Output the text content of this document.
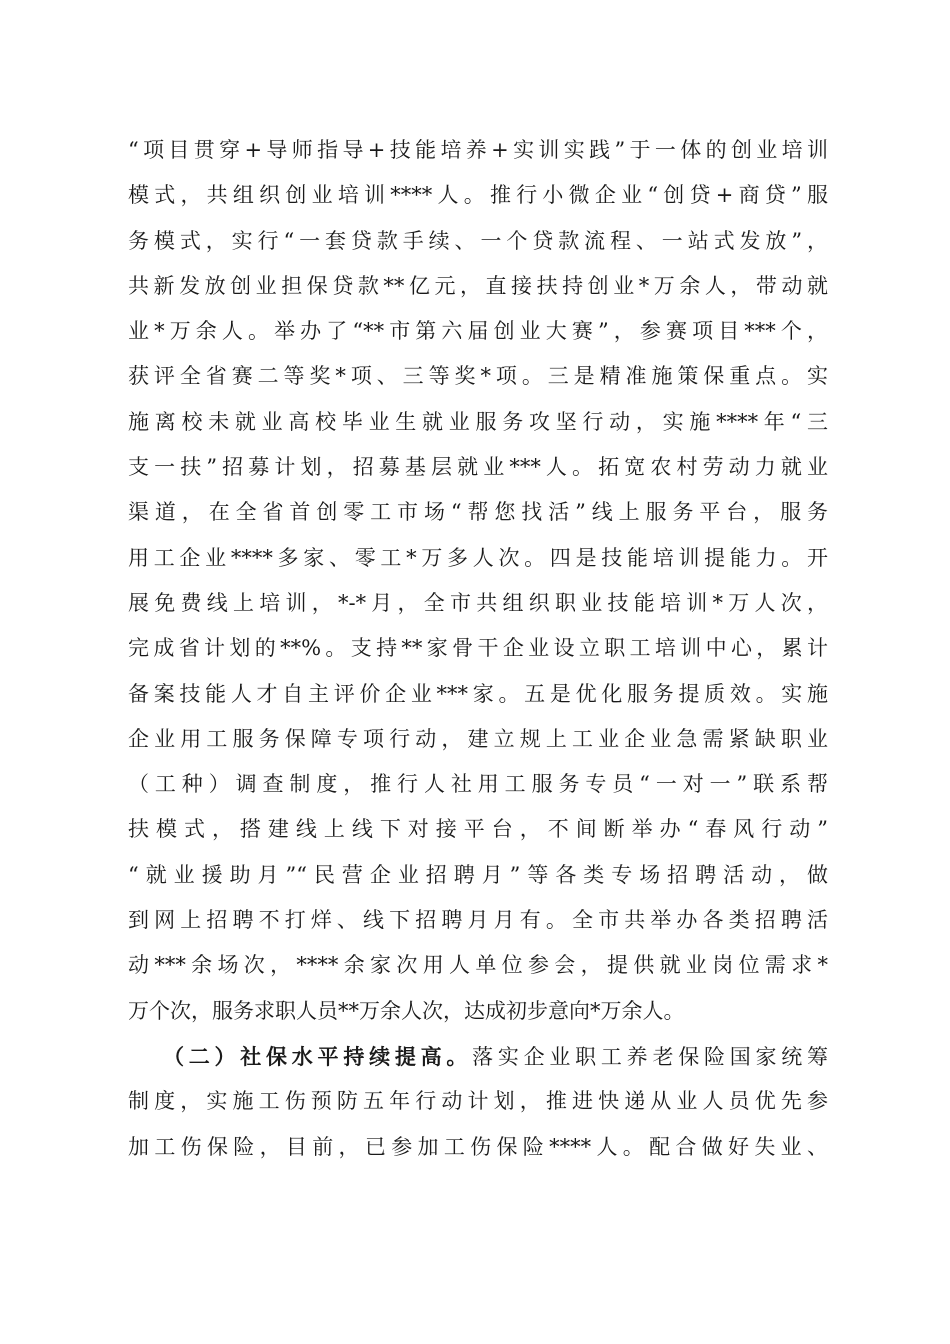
“项目贯穿+导师指导+技能培养+实训实践”于一体的创业培训
模式，共组织创业培训****人。推行小微企业“创贷+商贷”服
务模式，实行“一套贷款手续、一个贷款流程、一站式发放”，
共新发放创业担保贷款**亿元，直接扶持创业*万余人，带动就
业*万余人。举办了“**市第六届创业大赛”，参赛项目***个，
获评全省赛二等奖*项、三等奖*项。三是精准施策保重点。实
施离校未就业高校毕业生就业服务攻坚行动，实施****年“三
支一扶”招募计划，招募基层就业***人。拓宽农村劳动力就业
渠道，在全省首创零工市场“帮您找活”线上服务平台，服务
用工企业****多家、零工*万多人次。四是技能培训提能力。开
展免费线上培训，*-*月，全市共组织职业技能培训*万人次，
完成省计划的**%。支持**家骨干企业设立职工培训中心，累计
备案技能人才自主评价企业***家。五是优化服务提质效。实施
企业用工服务保障专项行动，建立规上工业企业急需紧缺职业
（工种）调查制度，推行人社用工服务专员“一对一”联系帮
扶模式，搭建线上线下对接平台，不间断举办“春风行动”
“就业援助月”“民营企业招聘月”等各类专场招聘活动，做
到网上招聘不打烊、线下招聘月月有。全市共举办各类招聘活
动***余场次，****余家次用人单位参会，提供就业岗位需求*
万个次，服务求职人员**万余人次，达成初步意向*万余人。
（二）社保水平持续提高。落实企业职工养老保险国家统筹
制度，实施工伤预防五年行动计划，推进快递从业人员优先参
加工伤保险，目前，已参加工伤保险****人。配合做好失业、
